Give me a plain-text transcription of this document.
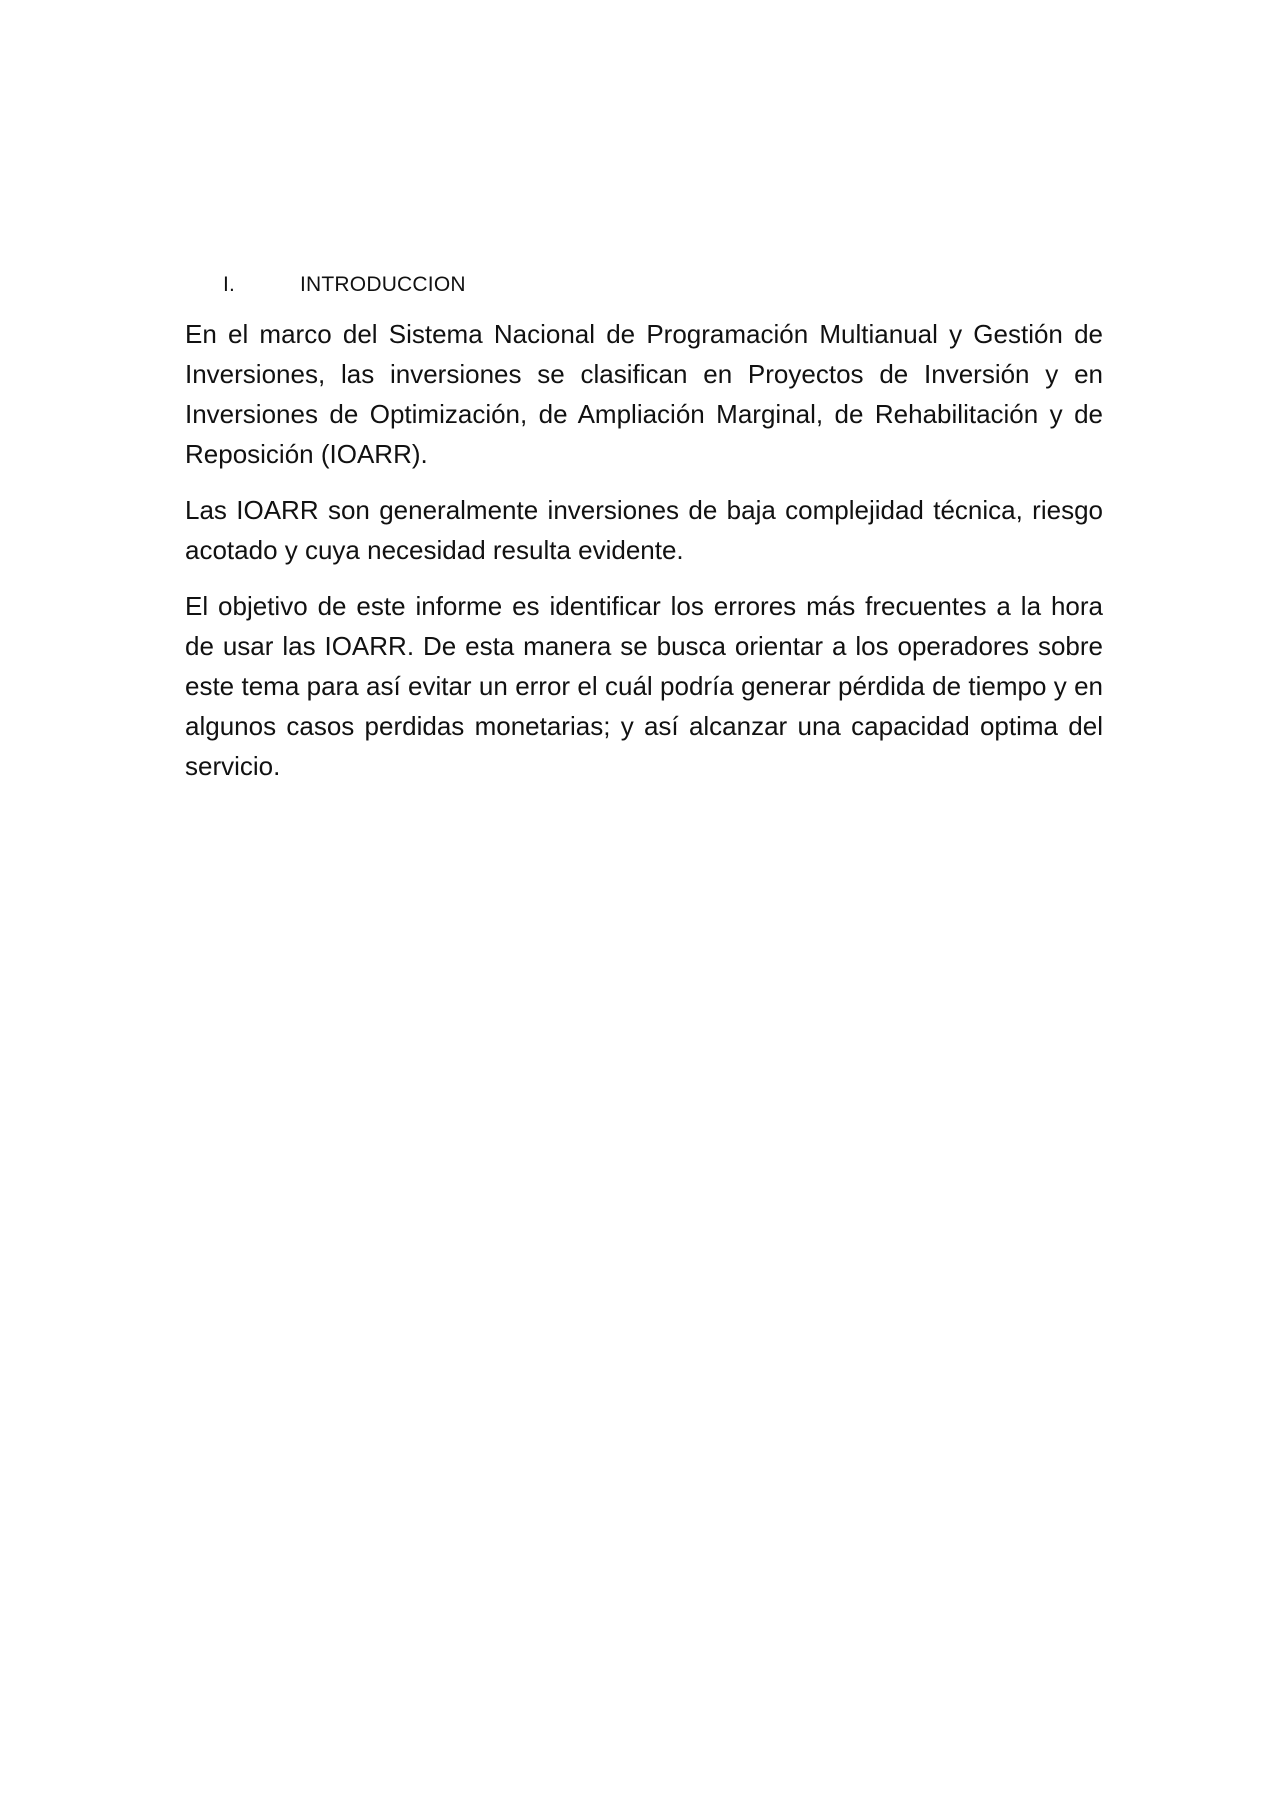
I.	INTRODUCCION

En el marco del Sistema Nacional de Programación Multianual y Gestión de Inversiones, las inversiones se clasifican en Proyectos de Inversión y en Inversiones de Optimización, de Ampliación Marginal, de Rehabilitación y de Reposición (IOARR).

Las IOARR son generalmente inversiones de baja complejidad técnica, riesgo acotado y cuya necesidad resulta evidente.

El objetivo de este informe es identificar los errores más frecuentes a la hora de usar las IOARR. De esta manera se busca orientar a los operadores sobre este tema para así evitar un error el cuál podría generar pérdida de tiempo y en algunos casos perdidas monetarias; y así alcanzar una capacidad optima del servicio.
